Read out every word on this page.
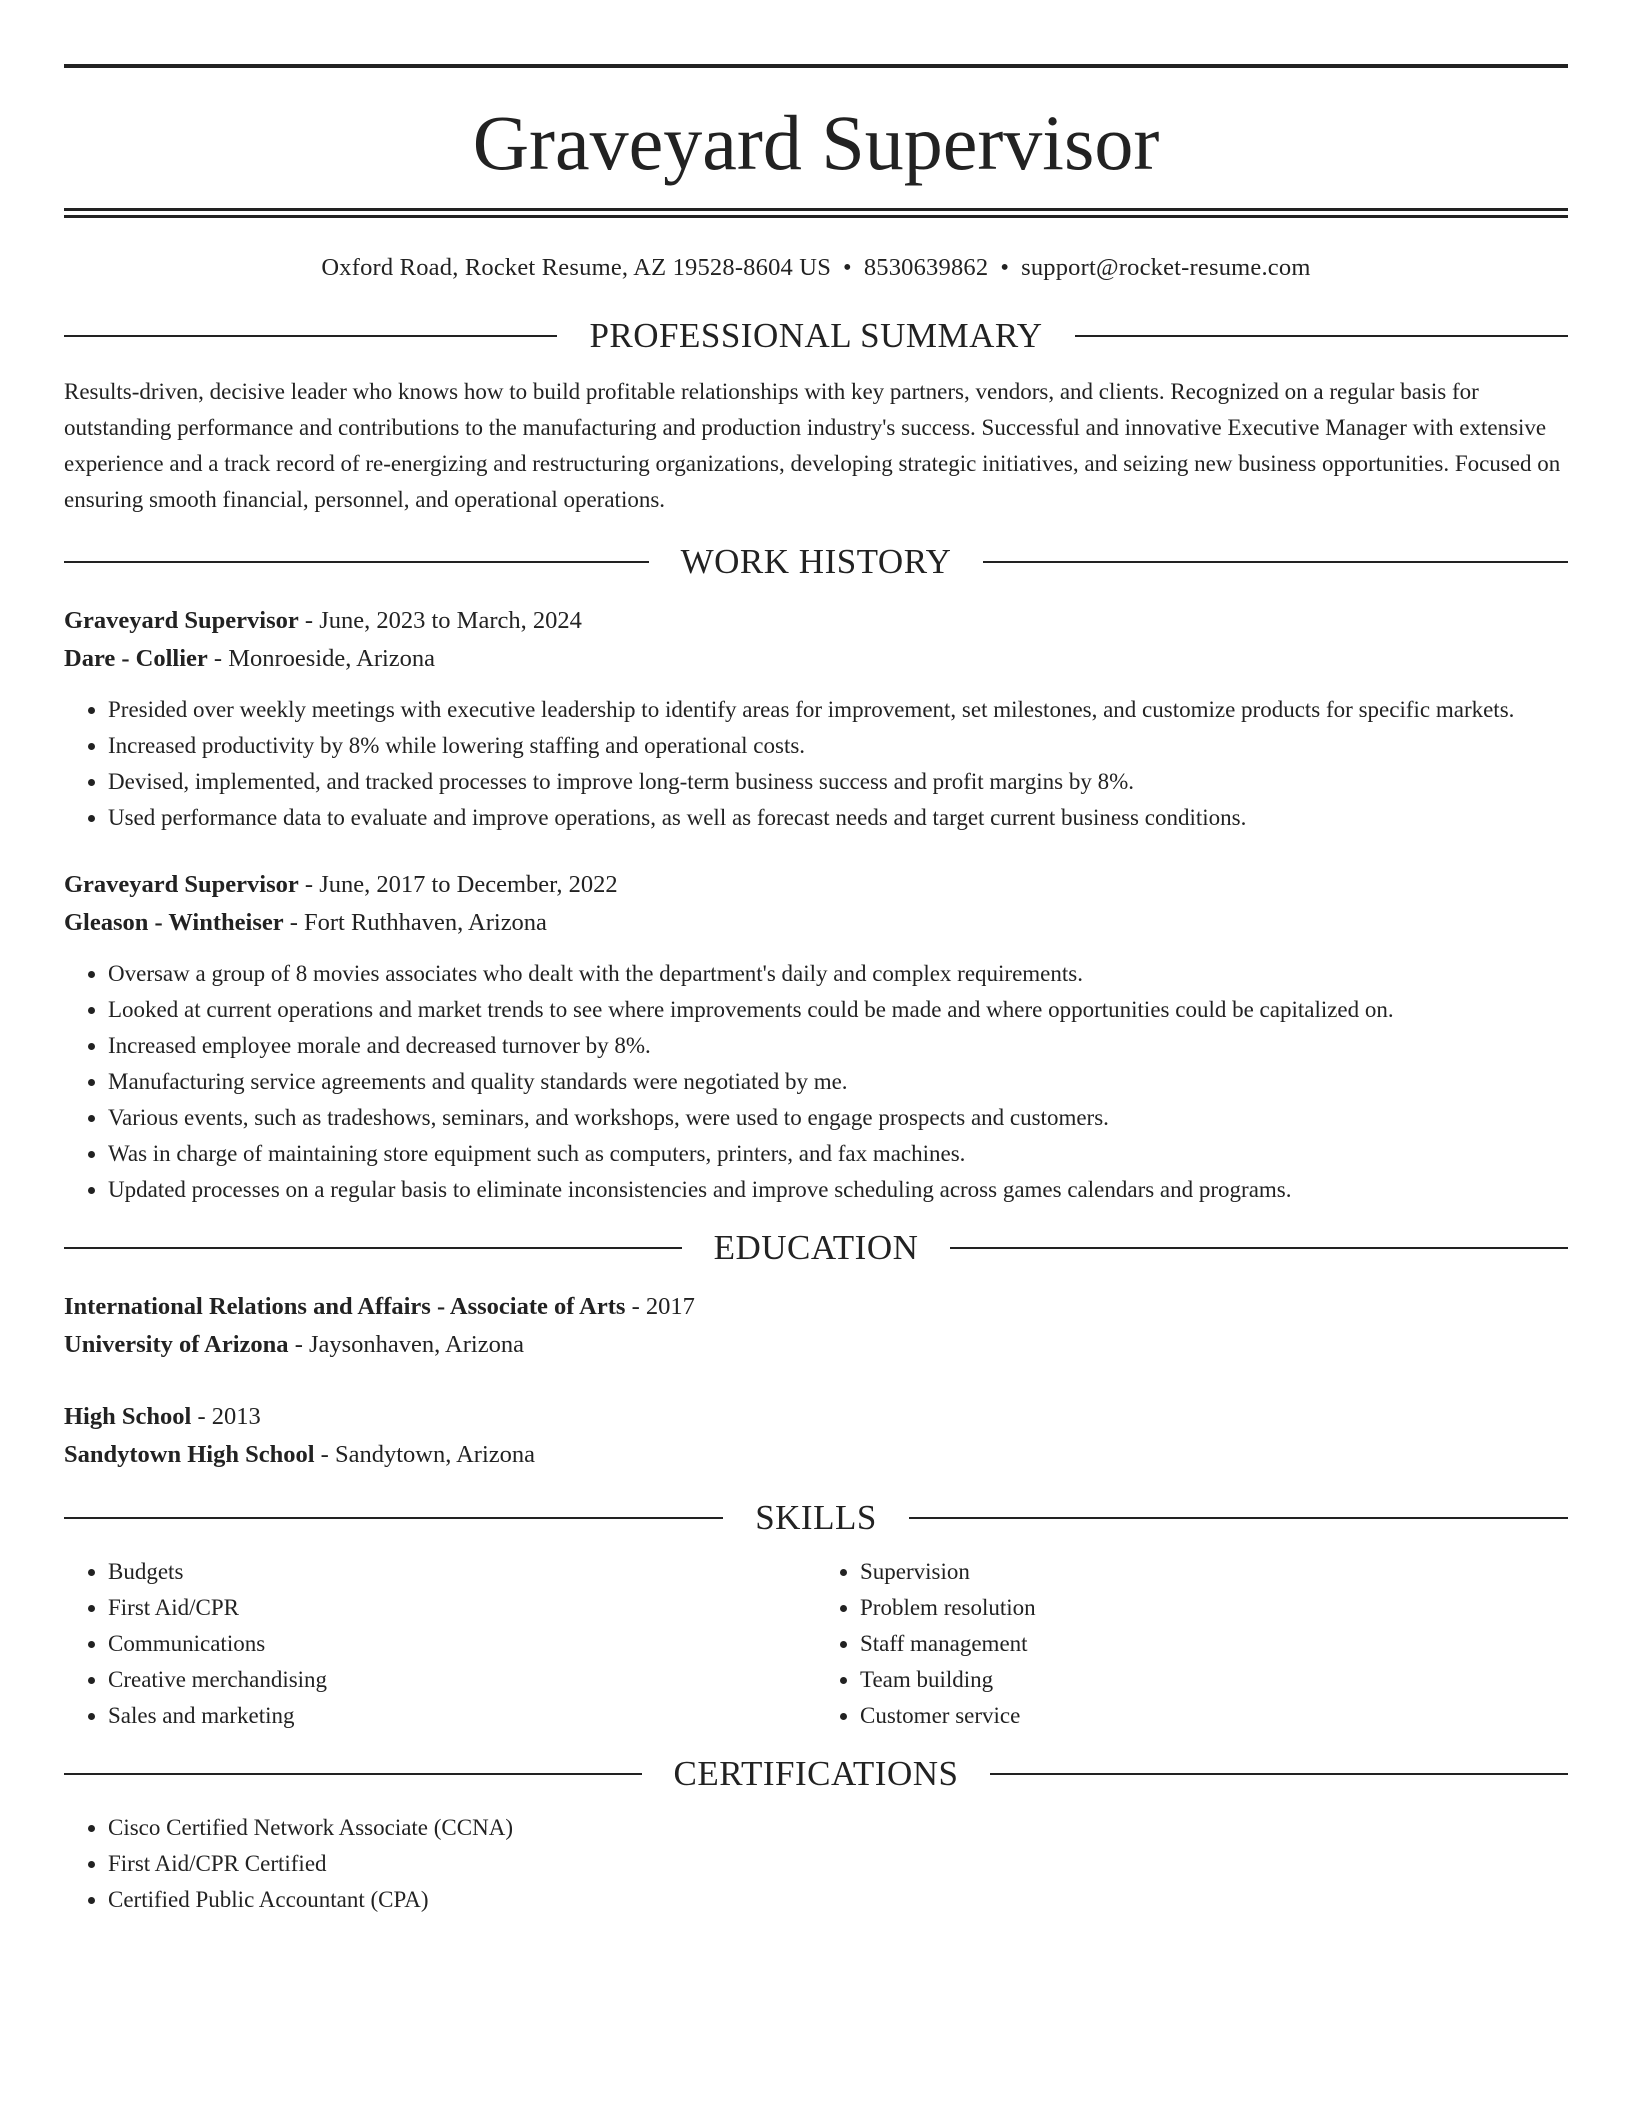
Graveyard Supervisor
Oxford Road, Rocket Resume, AZ 19528-8604 US • 8530639862 • support@rocket-resume.com
PROFESSIONAL SUMMARY

Results-driven, decisive leader who knows how to build profitable relationships with key partners, vendors, and clients. Recognized on a regular basis for outstanding performance and contributions to the manufacturing and production industry's success. Successful and innovative Executive Manager with extensive experience and a track record of re-energizing and restructuring organizations, developing strategic initiatives, and seizing new business opportunities. Focused on ensuring smooth financial, personnel, and operational operations.

WORK HISTORY
Graveyard Supervisor - June, 2023 to March, 2024
Dare - Collier - Monroeside, Arizona
• Presided over weekly meetings with executive leadership to identify areas for improvement, set milestones, and customize products for specific markets.
• Increased productivity by 8% while lowering staffing and operational costs.
• Devised, implemented, and tracked processes to improve long-term business success and profit margins by 8%.
• Used performance data to evaluate and improve operations, as well as forecast needs and target current business conditions.
Graveyard Supervisor - June, 2017 to December, 2022
Gleason - Wintheiser - Fort Ruthhaven, Arizona
• Oversaw a group of 8 movies associates who dealt with the department's daily and complex requirements.
• Looked at current operations and market trends to see where improvements could be made and where opportunities could be capitalized on.
• Increased employee morale and decreased turnover by 8%.
• Manufacturing service agreements and quality standards were negotiated by me.
• Various events, such as tradeshows, seminars, and workshops, were used to engage prospects and customers.
• Was in charge of maintaining store equipment such as computers, printers, and fax machines.
• Updated processes on a regular basis to eliminate inconsistencies and improve scheduling across games calendars and programs.
EDUCATION
International Relations and Affairs - Associate of Arts - 2017
University of Arizona - Jaysonhaven, Arizona
High School - 2013
Sandytown High School - Sandytown, Arizona
SKILLS
• Budgets
• First Aid/CPR
• Communications
• Creative merchandising
• Sales and marketing
• Supervision
• Problem resolution
• Staff management
• Team building
• Customer service
CERTIFICATIONS
• Cisco Certified Network Associate (CCNA)
• First Aid/CPR Certified
• Certified Public Accountant (CPA)
